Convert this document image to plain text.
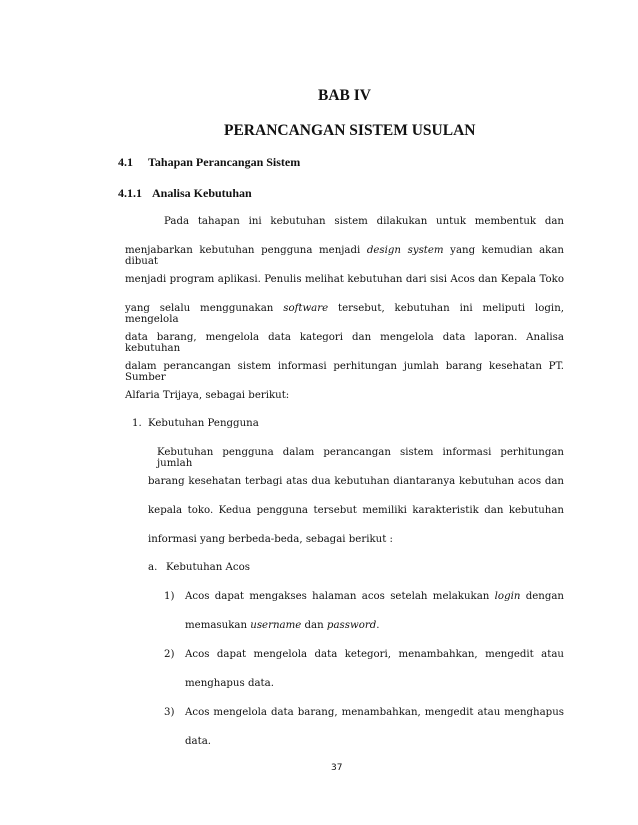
BAB IV
PERANCANGAN SISTEM USULAN
4.1 Tahapan Perancangan Sistem
4.1.1 Analisa Kebutuhan
Pada tahapan ini kebutuhan sistem dilakukan untuk membentuk dan
menjabarkan kebutuhan pengguna menjadi design system yang kemudian akan dibuat
menjadi program aplikasi. Penulis melihat kebutuhan dari sisi Acos dan Kepala Toko
yang selalu menggunakan software tersebut, kebutuhan ini meliputi login, mengelola
data barang, mengelola data kategori dan mengelola data laporan. Analisa kebutuhan
dalam perancangan sistem informasi perhitungan jumlah barang kesehatan PT. Sumber
Alfaria Trijaya, sebagai berikut:
1. Kebutuhan Pengguna
Kebutuhan pengguna dalam perancangan sistem informasi perhitungan jumlah
barang kesehatan terbagi atas dua kebutuhan diantaranya kebutuhan acos dan
kepala toko. Kedua pengguna tersebut memiliki karakteristik dan kebutuhan
informasi yang berbeda-beda, sebagai berikut :
a. Kebutuhan Acos
1) Acos dapat mengakses halaman acos setelah melakukan login dengan
memasukan username dan password.
2) Acos dapat mengelola data ketegori, menambahkan, mengedit atau
menghapus data.
3) Acos mengelola data barang, menambahkan, mengedit atau menghapus
data.
37
